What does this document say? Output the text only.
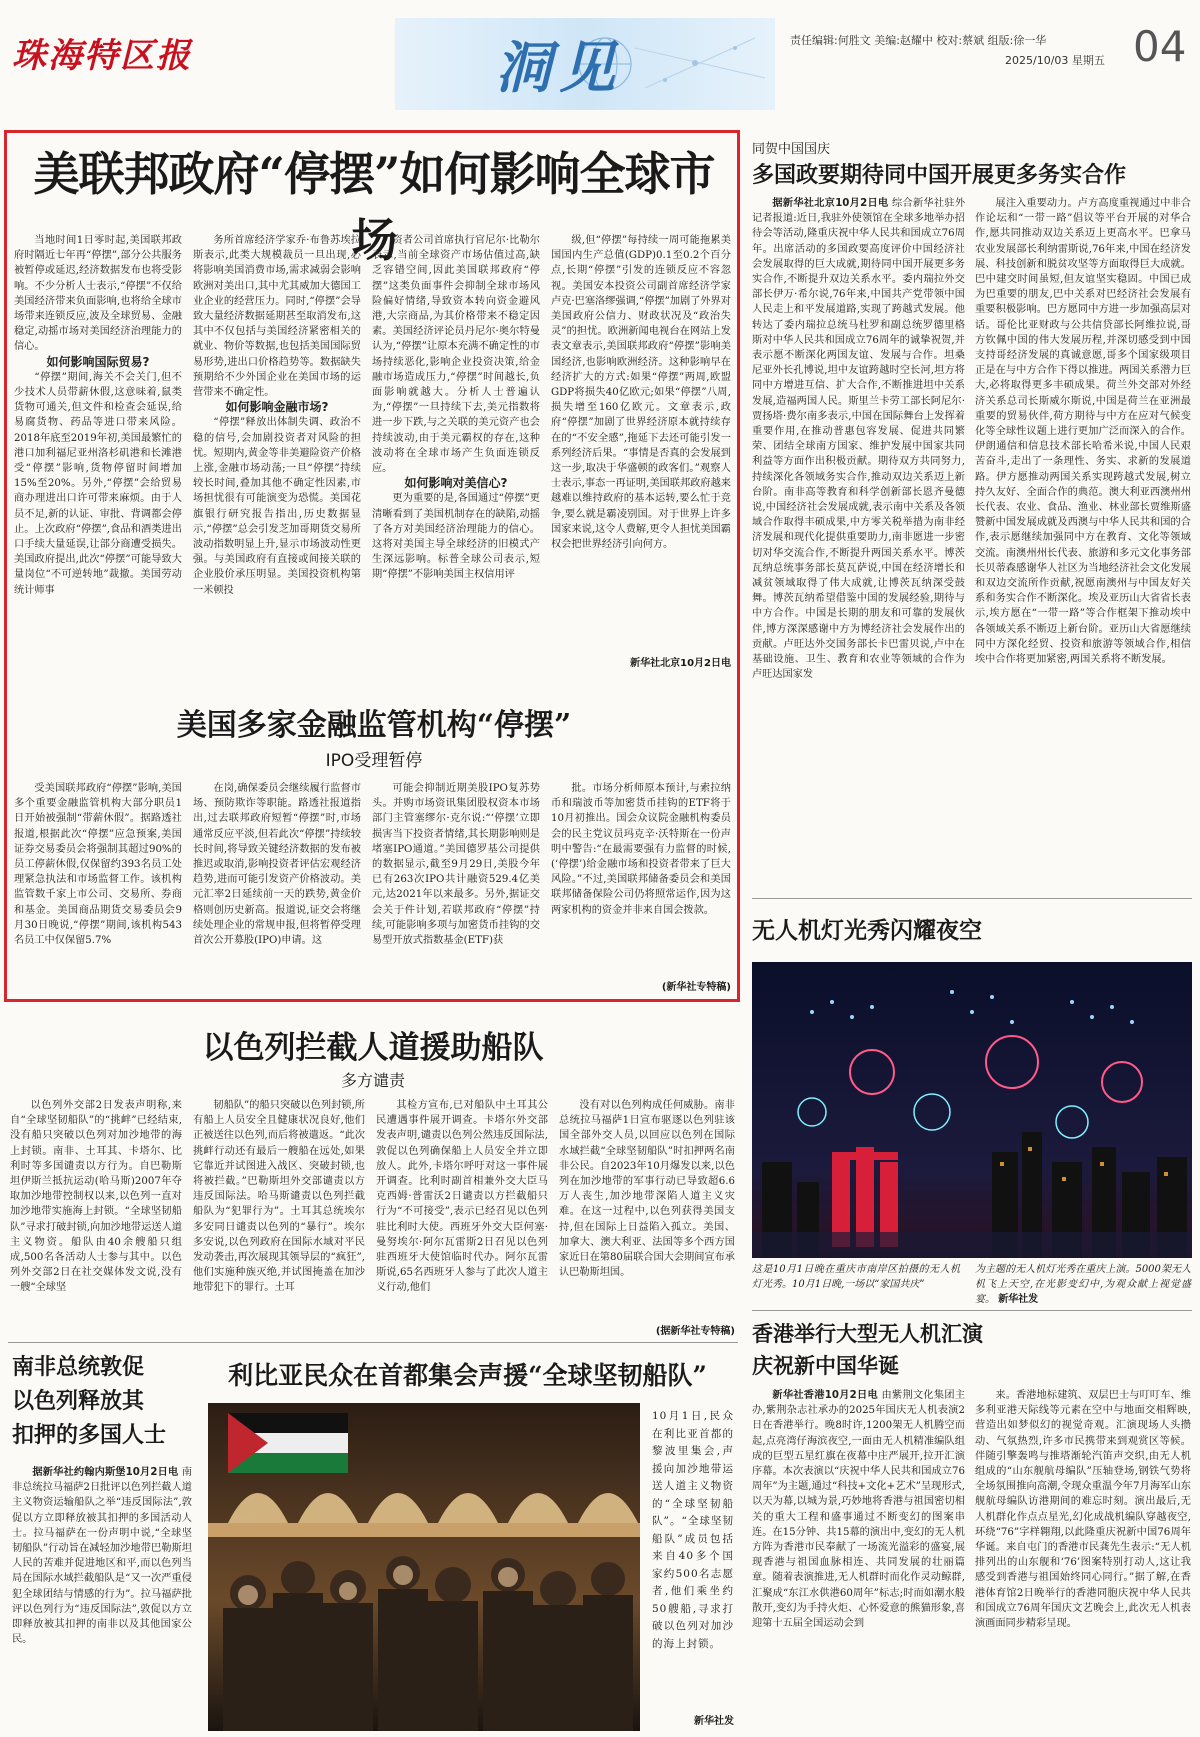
珠海特区报	洞见	责任编辑:何胜文 美编:赵耀中 校对:蔡斌 组版:徐一华
2025/10/03 星期五 04
美联邦政府“停摆”如何影响全球市场

当地时间1日零时起,美国联邦政府时隔近七年再“停摆”,部分公共服务被暂停或延迟,经济数据发布也将受影响。不少分析人士表示,“停摆”不仅给美国经济带来负面影响,也将给全球市场带来连锁反应,波及全球贸易、金融稳定,动摇市场对美国经济治理能力的信心。

如何影响国际贸易?

“停摆”期间,海关不会关门,但不少技术人员带薪休假,这意味着,鼠类货物可通关,但文件和检查会延误,给易腐货物、药品等进口带来风险。2018年底至2019年初,美国最繁忙的港口加利福尼亚州洛杉矶港和长滩港受“停摆”影响,货物停留时间增加15%至20%。另外,“停摆”会给贸易商办理进出口许可带来麻烦。由于人员不足,新的认证、审批、背调都会停止。上次政府“停摆”,食品和酒类进出口手续大量延误,让部分商遭受损失。美国政府提出,此次“停摆”可能导致大量岗位“不可逆转地”裁撤。美国劳动统计师事

务所首席经济学家乔·布鲁苏埃拉斯表示,此类大规模裁员一旦出现,必将影响美国消费市场,需求减弱会影响欧洲对美出口,其中尤其威加大德国工业企业的经营压力。同时,“停摆”会导致大量经济数据延期甚至取消发布,这其中不仅包括与美国经济紧密相关的就业、物价等数据,也包括美国国际贸易形势,进出口价格趋势等。数据缺失预期给不少外国企业在美国市场的运营带来不确定性。

如何影响金融市场?

“停摆”释放出体制失调、政治不稳的信号,会加剧投资者对风险的担忧。短期内,黄金等非美避险资产价格上涨,金融市场动荡;一旦“停摆”持续较长时间,叠加其他不确定性因素,市场担忧很有可能演变为恐慌。美国花旗银行研究报告指出,历史数据显示,“停摆”总会引发芝加哥期货交易所波动指数明显上升,显示市场波动性更强。与美国政府有直接或间接关联的企业股价承压明显。美国投资机构第一米顿投

资者公司首席执行官尼尔·比勒尔表示,当前全球资产市场估值过高,缺乏容错空间,因此美国联邦政府“停摆”这类负面事件会抑制全球市场风险偏好情绪,导致资本转向资金避风港,大宗商品,为其价格带来不稳定因素。美国经济评论员丹尼尔·奥尔特曼认为,“停摆”让原本充满不确定性的市场持续恶化,影响企业投资决策,给金融市场造成压力,“停摆”时间越长,负面影响就越大。分析人士普遍认为,“停摆”一旦持续下去,美元指数将进一步下跌,与之关联的美元资产也会持续波动,由于美元霸权的存在,这种波动将在全球市场产生负面连锁反应。

如何影响对美信心?

更为重要的是,各国通过“停摆”更清晰看到了美国机制存在的缺陷,动摇了各方对美国经济治理能力的信心。这将对美国主导全球经济的旧模式产生深远影响。标普全球公司表示,短期“停摆”不影响美国主权信用评

级,但“停摆”每持续一周可能拖累美国国内生产总值(GDP)0.1至0.2个百分点,长期“停摆”引发的连锁反应不容忽视。美国安本投资公司副首席经济学家卢克·巴塞洛缪强调,“停摆”加剧了外界对美国政府公信力、财政状况及“政治失灵”的担忧。欧洲新闻电视台在网站上发表文章表示,美国联邦政府“停摆”影响美国经济,也影响欧洲经济。这种影响早在经济扩大的方式:如果“停摆”两周,欧盟GDP将损失40亿欧元;如果“停摆”八周,损失增至160亿欧元。文章表示,政府“停摆”加剧了世界经济原本就持续存在的“不安全感”,拖延下去还可能引发一系列经济后果。“事情是否真的会发展到这一步,取决于华盛顿的政客们。”观察人士表示,事态一再证明,美国联邦政府越来越难以维持政府的基本运转,要么忙于竞争,要么就是霸凌别国。对于世界上许多国家来说,这令人费解,更令人担忧美国霸权会把世界经济引向何方。

新华社北京10月2日电
美国多家金融监管机构“停摆”
IPO受理暂停

受美国联邦政府“停摆”影响,美国多个重要金融监管机构大部分职员1日开始被强制“带薪休假”。据路透社报道,根据此次“停摆”应急预案,美国证券交易委员会将强制其超过90%的员工停薪休假,仅保留约393名员工处理紧急执法和市场监督工作。该机构监管数千家上市公司、交易所、券商和基金。美国商品期货交易委员会9月30日晚说,“停摆”期间,该机构543名员工中仅保留5.7%

在岗,确保委员会继续履行监督市场、预防欺诈等职能。路透社报道指出,过去联邦政府短暂“停摆”时,市场通常反应平淡,但若此次“停摆”持续较长时间,将导致关键经济数据的发布被推迟或取消,影响投资者评估宏观经济趋势,进而可能引发资产价格波动。美元汇率2日延续前一天的跌势,黄金价格则创历史新高。报道说,证交会将继续处理企业的常规申报,但将暂停受理首次公开募股(IPO)申请。这

可能会抑制近期美股IPO复苏势头。并购市场资讯集团股权资本市场部门主管塞缪尔·克尔说:“‘停摆’立即损害当下投资者情绪,其长期影响则是堵塞IPO通道。”美国德罗基公司提供的数据显示,截至9月29日,美股今年已有263次IPO共计融资529.4亿美元,达2021年以来最多。另外,据证交会关于件计划,若联邦政府“停摆”持续,可能影响多项与加密货币挂钩的交易型开放式指数基金(ETF)获

批。市场分析师原本预计,与索拉纳币和瑞波币等加密货币挂钩的ETF将于10月初推出。国会众议院金融机构委员会的民主党议员玛克辛·沃特斯在一份声明中警告:“在最需要强有力监督的时候,(‘停摆’)给金融市场和投资者带来了巨大风险。”不过,美国联邦储备委员会和美国联邦储备保险公司仍将照常运作,因为这两家机构的资金并非来自国会拨款。

(新华社专特稿)
以色列拦截人道援助船队
多方谴责

以色列外交部2日发表声明称,来自“全球坚韧船队”的“挑衅”已经结束,没有船只突破以色列对加沙地带的海上封锁。南非、土耳其、卡塔尔、比利时等多国谴责以方行为。自巴勒斯坦伊斯兰抵抗运动(哈马斯)2007年夺取加沙地带控制权以来,以色列一直对加沙地带实施海上封锁。“全球坚韧船队”寻求打破封锁,向加沙地带运送人道主义物资。船队由40余艘船只组成,500名各活动人士参与其中。以色列外交部2日在社交媒体发文说,没有一艘“全球坚

韧船队”的船只突破以色列封锁,所有船上人员安全且健康状况良好,他们正被送往以色列,而后将被遣返。“此次挑衅行动还有最后一艘船在远处,如果它靠近并试图进入战区、突破封锁,也将被拦截。”巴勒斯坦外交部谴责以方违反国际法。哈马斯谴责以色列拦截船队为“犯罪行为”。土耳其总统埃尔多安同日谴责以色列的“暴行”。埃尔多安说,以色列政府在国际水域对平民发动袭击,再次展现其领导层的“疯狂”,他们实施种族灭绝,并试图掩盖在加沙地带犯下的罪行。土耳

其检方宣布,已对船队中土耳其公民遭遇事件展开调查。卡塔尔外交部发表声明,谴责以色列公然违反国际法,敦促以色列确保船上人员安全并立即放人。此外,卡塔尔呼吁对这一事件展开调查。比利时副首相兼外交大臣马克西姆·普雷沃2日谴责以方拦截船只行为“不可接受”,表示已经召见以色列驻比利时大使。西班牙外交大臣何塞·曼努埃尔·阿尔瓦雷斯2日召见以色列驻西班牙大使馆临时代办。阿尔瓦雷斯说,65名西班牙人参与了此次人道主义行动,他们

没有对以色列构成任何威胁。南非总统拉马福萨1日宣布驱逐以色列驻该国全部外交人员,以回应以色列在国际水域拦截“全球坚韧船队”时扣押两名南非公民。自2023年10月爆发以来,以色列在加沙地带的军事行动已导致超6.6万人丧生,加沙地带深陷人道主义灾难。在这一过程中,以色列获得美国支持,但在国际上日益陷入孤立。美国、加拿大、澳大利亚、法国等多个西方国家近日在第80届联合国大会期间宣布承认巴勒斯坦国。

(据新华社专特稿)
南非总统敦促
以色列释放其
扣押的多国人士

据新华社约翰内斯堡10月2日电 南非总统拉马福萨2日批评以色列拦截人道主义物资运输船队之举“违反国际法”,敦促以方立即释放被其扣押的多国活动人士。拉马福萨在一份声明中说,“全球坚韧船队”行动旨在减轻加沙地带巴勒斯坦人民的苦难并促进地区和平,而以色列当局在国际水域拦截船队是“又一次严重侵犯全球团结与情感的行为”。拉马福萨批评以色列行为“违反国际法”,敦促以方立即释放被其扣押的南非以及其他国家公民。

利比亚民众在首都集会声援“全球坚韧船队”
10月1日,民众在利比亚首都的黎波里集会,声援向加沙地带运送人道主义物资的“全球坚韧船队”。“全球坚韧船队”成员包括来自40多个国家约500名志愿者,他们乘坐约50艘船,寻求打破以色列对加沙的海上封锁。
新华社发
同贺中国国庆
多国政要期待同中国开展更多务实合作

据新华社北京10月2日电 综合新华社驻外记者报道:近日,我驻外使领馆在全球多地举办招待会等活动,隆重庆祝中华人民共和国成立76周年。出席活动的多国政要高度评价中国经济社会发展取得的巨大成就,期待同中国开展更多务实合作,不断提升双边关系水平。委内瑞拉外交部长伊万·希尔说,76年来,中国共产党带领中国人民走上和平发展道路,实现了跨越式发展。他转达了委内瑞拉总统马杜罗和副总统罗德里格斯对中华人民共和国成立76周年的诚挚祝贺,并表示愿不断深化两国友谊、发展与合作。坦桑尼亚外长孔博说,坦中友谊跨越时空长河,坦方将同中方增进互信、扩大合作,不断推进坦中关系发展,造福两国人民。斯里兰卡劳工部长阿尼尔·贾扬塔·费尔南多表示,中国在国际舞台上发挥着重要作用,在推动普惠包容发展、促进共同繁荣、团结全球南方国家、维护发展中国家共同利益等方面作出积极贡献。期待双方共同努力,持续深化各领域务实合作,推动双边关系迈上新台阶。南非高等教育和科学创新部长恩齐曼德说,中国经济社会发展成就,表示南中关系及各领域合作取得丰硕成果,中方零关税举措为南非经济发展和现代化提供重要助力,南非愿进一步密切对华交流合作,不断提升两国关系水平。博茨瓦纳总统事务部长莫瓦萨说,中国在经济增长和减贫领域取得了伟大成就,让博茨瓦纳深受鼓舞。博茨瓦纳希望借鉴中国的发展经验,期待与中方合作。中国是长期的朋友和可靠的发展伙伴,博方深深感谢中方为博经济社会发展作出的贡献。卢旺达外交国务部长卡巴雷贝说,卢中在基础设施、卫生、教育和农业等领域的合作为卢旺达国家发

展注入重要动力。卢方高度重视通过中非合作论坛和“一带一路”倡议等平台开展的对华合作,愿共同推动双边关系迈上更高水平。巴拿马农业发展部长利纳雷斯说,76年来,中国在经济发展、科技创新和脱贫攻坚等方面取得巨大成就。巴中建交时间虽短,但友谊坚实稳固。中国已成为巴重要的朋友,巴中关系对巴经济社会发展有重要积极影响。巴方愿同中方进一步加强高层对话。哥伦比亚财政与公共信贷部长阿维拉说,哥方钦佩中国的伟大发展历程,并深切感受到中国支持哥经济发展的真诚意愿,哥多个国家级项目正是在与中方合作下得以推进。两国关系潜力巨大,必将取得更多丰硕成果。荷兰外交部对外经济关系总司长斯威尔斯说,中国是荷兰在亚洲最重要的贸易伙伴,荷方期待与中方在应对气候变化等全球性议题上进行更加广泛而深入的合作。伊朗通信和信息技术部长哈希米说,中国人民艰苦奋斗,走出了一条理性、务实、求新的发展道路。伊方愿推动两国关系实现跨越式发展,树立持久友好、全面合作的典范。澳大利亚西澳州州长代表、农业、食品、渔业、林业部长贾维斯盛赞新中国发展成就及西澳与中华人民共和国的合作,表示愿继续加强同中方在教育、文化等领域交流。南澳州州长代表、旅游和多元文化事务部长贝蒂森感谢华人社区为当地经济社会文化发展和双边交流所作贡献,祝愿南澳州与中国友好关系和务实合作不断深化。埃及亚历山大省省长表示,埃方愿在“一带一路”等合作框架下推动埃中各领域关系不断迈上新台阶。亚历山大省愿继续同中方深化经贸、投资和旅游等领域合作,相信埃中合作将更加紧密,两国关系将不断发展。

无人机灯光秀闪耀夜空
这是10月1日晚在重庆市南岸区拍摄的无人机灯光秀。10月1日晚,一场以“家国共庆”
为主题的无人机灯光秀在重庆上演。5000架无人机飞上天空,在光影变幻中,为观众献上视觉盛宴。 新华社发
香港举行大型无人机汇演
庆祝新中国华诞

新华社香港10月2日电 由紫荆文化集团主办,紫荆杂志社承办的2025年国庆无人机表演2日在香港举行。晚8时许,1200架无人机腾空而起,点亮湾仔海滨夜空,一面由无人机精准编队组成的巨型五星红旗在夜幕中庄严展开,拉开汇演序幕。本次表演以“庆祝中华人民共和国成立76周年”为主题,通过“科技+文化+艺术”呈现形式,以天为幕,以城为景,巧妙地将香港与祖国密切相关的重大工程和盛事通过不断变幻的图案串连。在15分钟、共15幕的演出中,变幻的无人机方阵为香港市民奉献了一场流光溢彩的盛宴,展现香港与祖国血脉相连、共同发展的壮丽篇章。随着表演推进,无人机群时而化作灵动鲸群,汇聚成“东江水供港60周年”标志;时而如潮水般散开,变幻为手持火炬、心怀爱意的熊猫形象,喜迎第十五届全国运动会到

来。香港地标建筑、双层巴士与叮叮车、维多利亚港天际线等元素在空中与地面交相辉映,营造出如梦似幻的视觉奇观。汇演现场人头攒动、气氛热烈,许多市民携带来到观赏区等候。伴随引擎轰鸣与推塔渐轮汽笛声交织,由无人机组成的“山东舰航母编队”压轴登场,钢铁气势将全场氛围推向高潮,令现众重温今年7月海军山东舰航母编队访港期间的难忘时刻。演出最后,无人机群化作点点星光,幻化成战机编队穿越夜空,环绕“76”字样翱翔,以此隆重庆祝新中国76周年华诞。来自屯门的香港市民龚先生表示:“无人机排列出的山东舰和‘76’图案特别打动人,这让我感受到香港与祖国始终同心同行。”据了解,在香港体育馆2日晚举行的香港同胞庆祝中华人民共和国成立76周年国庆文艺晚会上,此次无人机表演画面同步精彩呈现。
